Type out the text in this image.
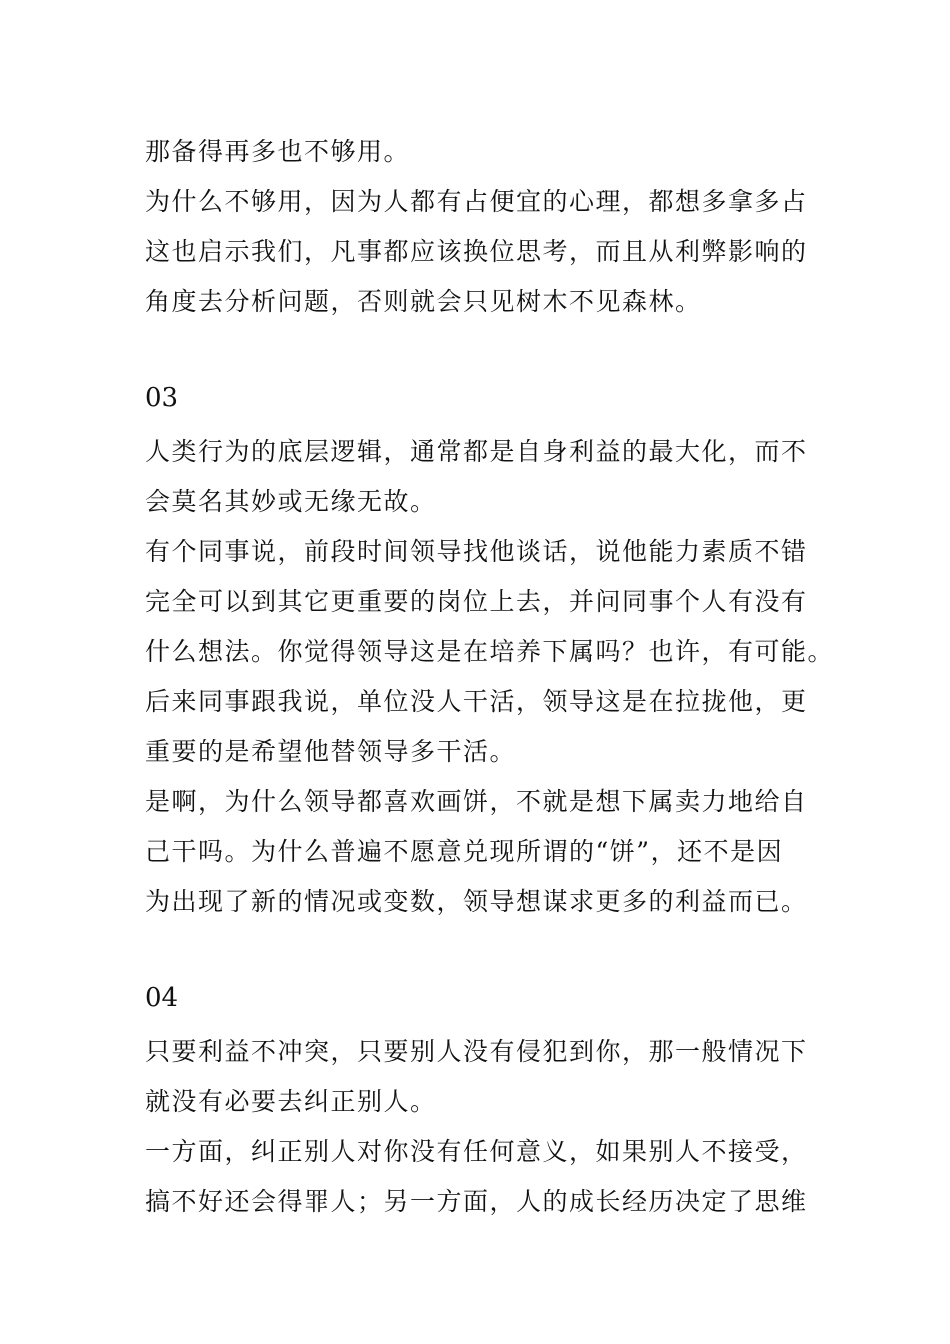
那备得再多也不够用。
为什么不够用，因为人都有占便宜的心理，都想多拿多占
这也启示我们，凡事都应该换位思考，而且从利弊影响的
角度去分析问题，否则就会只见树木不见森林。
03
人类行为的底层逻辑，通常都是自身利益的最大化，而不
会莫名其妙或无缘无故。
有个同事说，前段时间领导找他谈话，说他能力素质不错
完全可以到其它更重要的岗位上去，并问同事个人有没有
什么想法。你觉得领导这是在培养下属吗？也许，有可能。
后来同事跟我说，单位没人干活，领导这是在拉拢他，更
重要的是希望他替领导多干活。
是啊，为什么领导都喜欢画饼，不就是想下属卖力地给自
己干吗。为什么普遍不愿意兑现所谓的“饼”，还不是因
为出现了新的情况或变数，领导想谋求更多的利益而已。
04
只要利益不冲突，只要别人没有侵犯到你，那一般情况下
就没有必要去纠正别人。
一方面，纠正别人对你没有任何意义，如果别人不接受，
搞不好还会得罪人；另一方面，人的成长经历决定了思维
